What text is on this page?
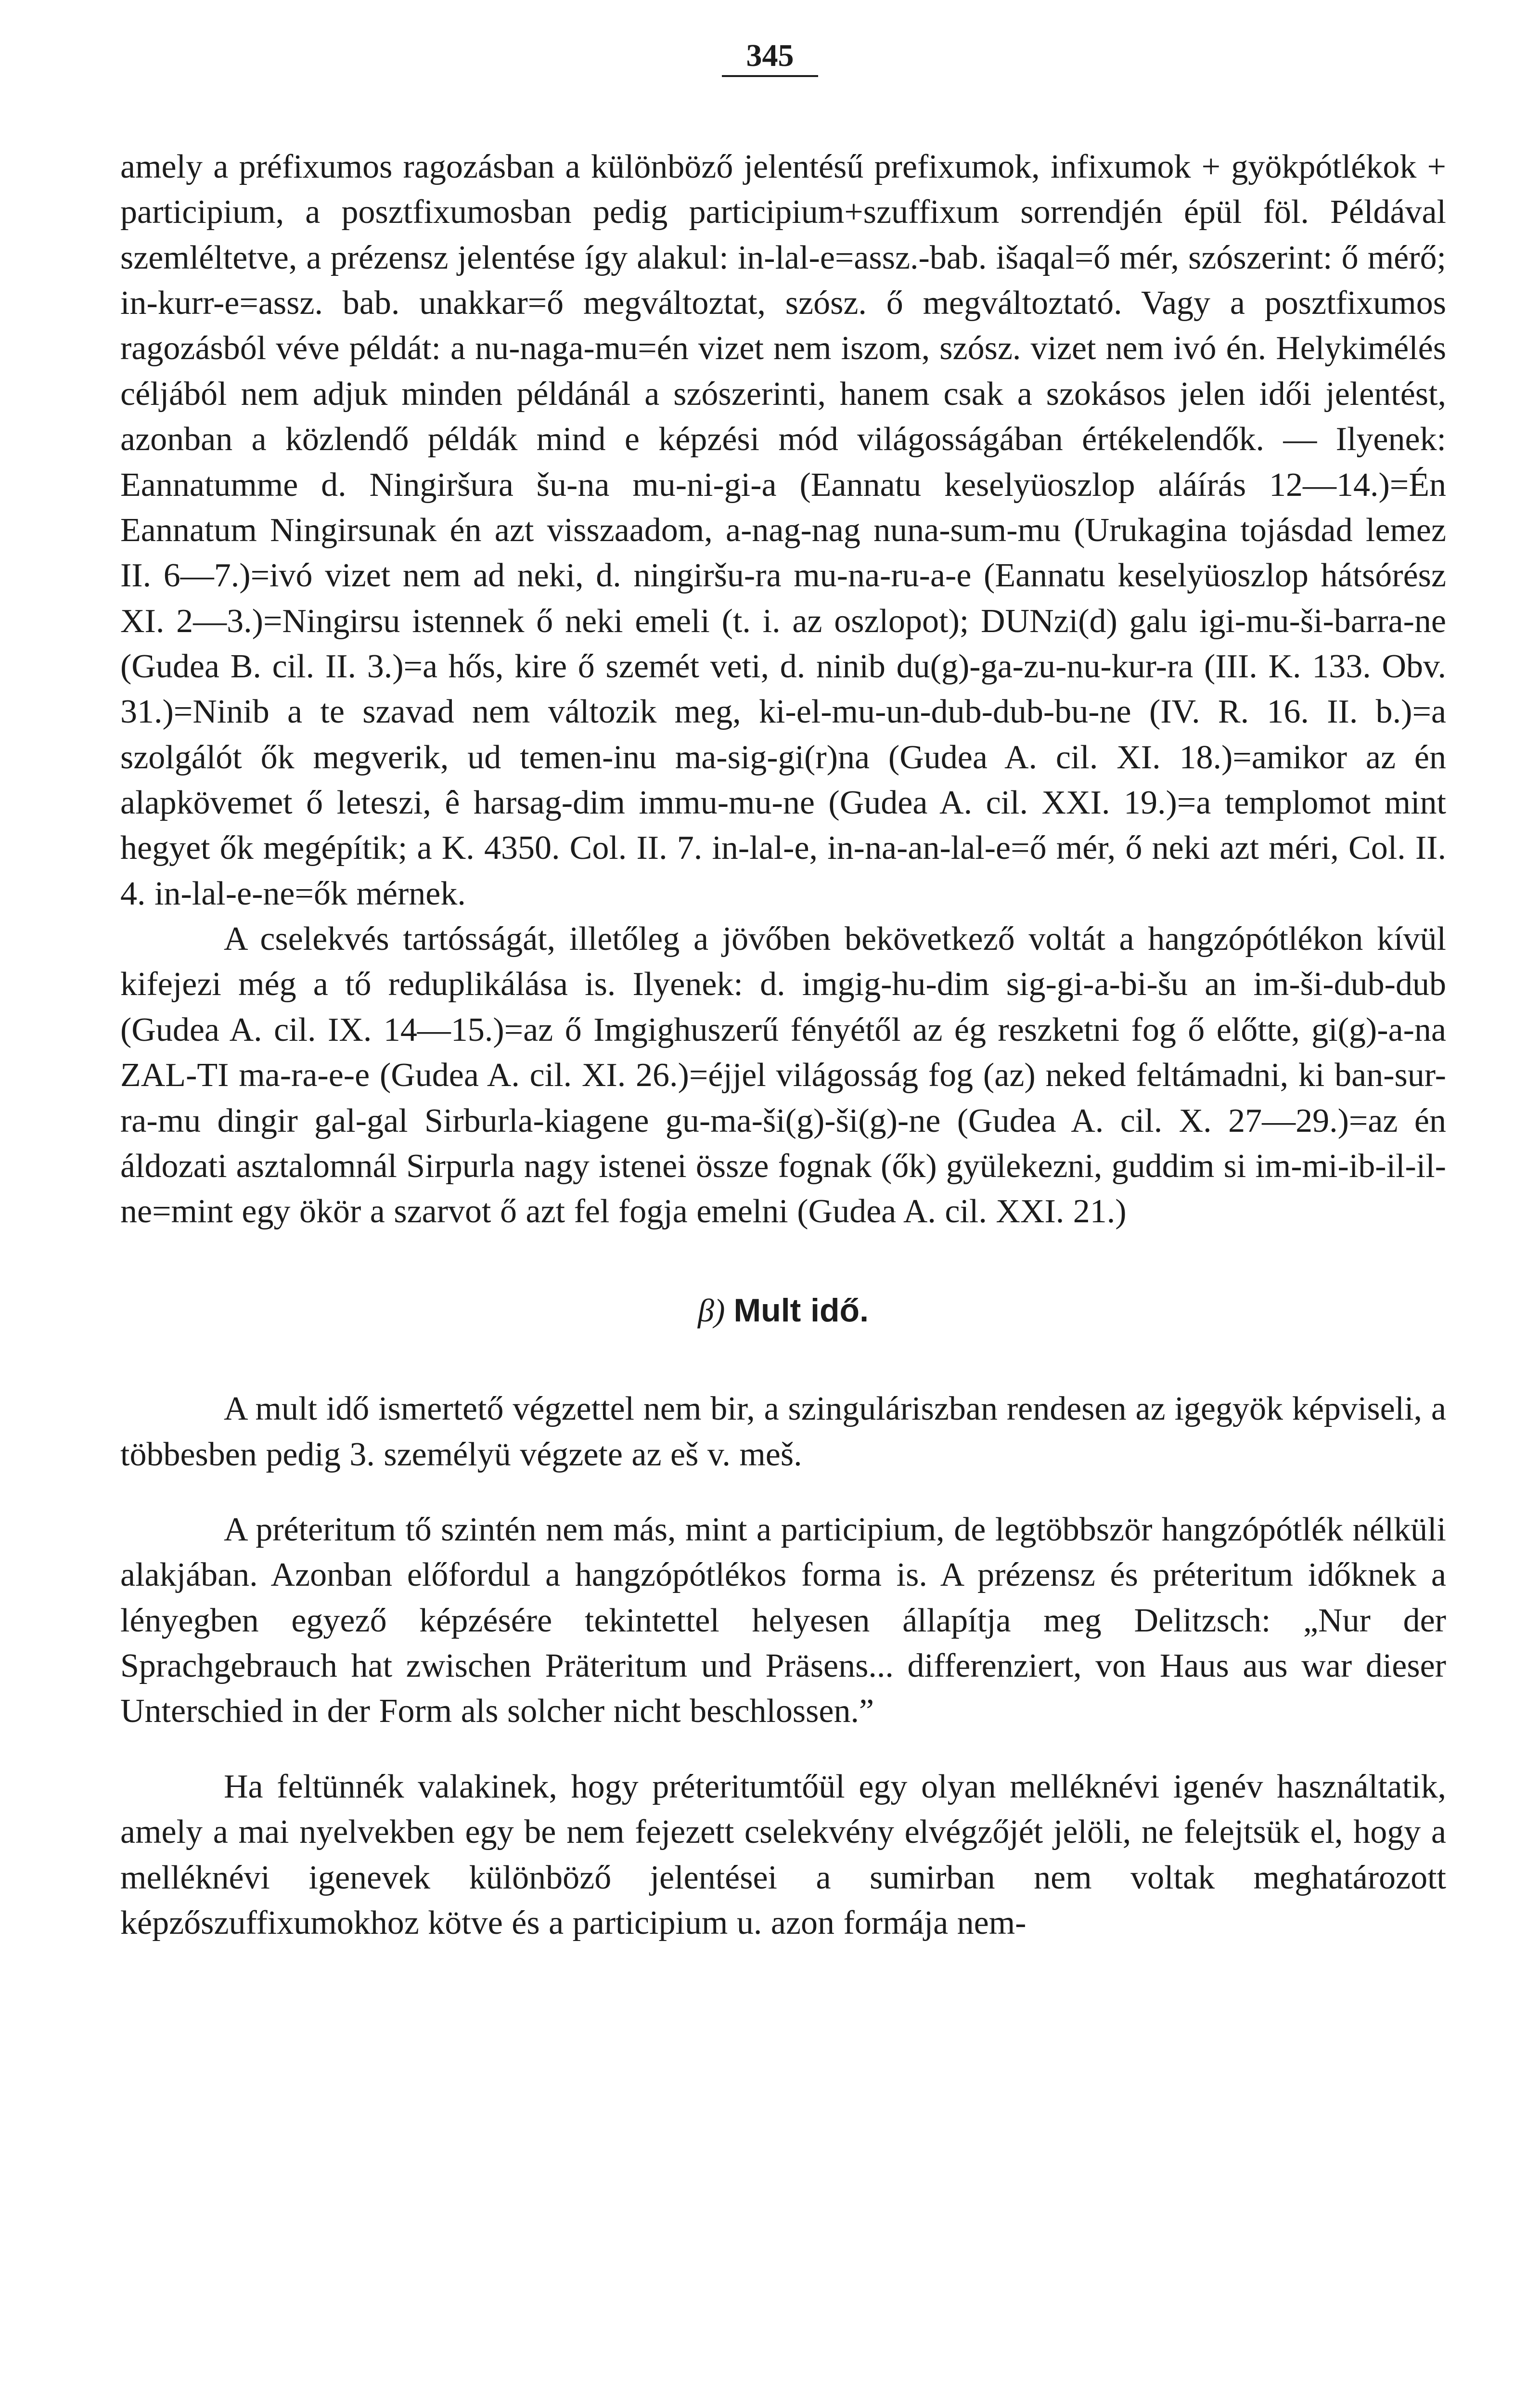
345

amely a préfixumos ragozásban a különböző jelentésű prefixumok, infixumok + gyökpótlékok + participium, a posztfixumosban pedig participium+szuffixum sorrendjén épül föl. Példával szemléltetve, a prézensz jelentése így alakul: in-lal-e=assz.-bab. išaqal=ő mér, szószerint: ő mérő; in-kurr-e=assz. bab. unakkar=ő megváltoztat, szósz. ő megváltoztató. Vagy a posztfixumos ragozásból véve példát: a nu-naga-mu=én vizet nem iszom, szósz. vizet nem ivó én. Helykimélés céljából nem adjuk minden példánál a szószerinti, hanem csak a szokásos jelen idői jelentést, azonban a közlendő példák mind e képzési mód világosságában értékelendők. — Ilyenek: Eannatumme d. Ningiršura šu-na mu-ni-gi-a (Eannatu keselyüoszlop aláírás 12—14.)=Én Eannatum Ningirsunak én azt visszaadom, a-nag-nag nuna-sum-mu (Urukagina tojásdad lemez II. 6—7.)=ivó vizet nem ad neki, d. ningiršu-ra mu-na-ru-a-e (Eannatu keselyüoszlop hátsórész XI. 2—3.)=Ningirsu istennek ő neki emeli (t. i. az oszlopot); DUNzi(d) galu igi-mu-ši-barra-ne (Gudea B. cil. II. 3.)=a hős, kire ő szemét veti, d. ninib du(g)-ga-zu-nu-kur-ra (III. K. 133. Obv. 31.)=Ninib a te szavad nem változik meg, ki-el-mu-un-dub-dub-bu-ne (IV. R. 16. II. b.)=a szolgálót ők megverik, ud temen-inu ma-sig-gi(r)na (Gudea A. cil. XI. 18.)=amikor az én alapkövemet ő leteszi, ê harsag-dim immu-mu-ne (Gudea A. cil. XXI. 19.)=a templomot mint hegyet ők megépítik; a K. 4350. Col. II. 7. in-lal-e, in-na-an-lal-e=ő mér, ő neki azt méri, Col. II. 4. in-lal-e-ne=ők mérnek.

A cselekvés tartósságát, illetőleg a jövőben bekövetkező voltát a hangzópótlékon kívül kifejezi még a tő reduplikálása is. Ilyenek: d. imgig-hu-dim sig-gi-a-bi-šu an im-ši-dub-dub (Gudea A. cil. IX. 14—15.)=az ő Imgighuszerű fényétől az ég reszketni fog ő előtte, gi(g)-a-na ZAL-TI ma-ra-e-e (Gudea A. cil. XI. 26.)=éjjel világosság fog (az) neked feltámadni, ki ban-sur-ra-mu dingir gal-gal Sirburla-kiagene gu-ma-ši(g)-ši(g)-ne (Gudea A. cil. X. 27—29.)=az én áldozati asztalomnál Sirpurla nagy istenei össze fognak (ők) gyülekezni, guddim si im-mi-ib-il-il-ne=mint egy ökör a szarvot ő azt fel fogja emelni (Gudea A. cil. XXI. 21.)

β) Mult idő.

A mult idő ismertető végzettel nem bir, a szinguláriszban rendesen az igegyök képviseli, a többesben pedig 3. személyü végzete az eš v. meš.

A préteritum tő szintén nem más, mint a participium, de legtöbbször hangzópótlék nélküli alakjában. Azonban előfordul a hangzópótlékos forma is. A prézensz és préteritum időknek a lényegben egyező képzésére tekintettel helyesen állapítja meg Delitzsch: „Nur der Sprachgebrauch hat zwischen Präteritum und Präsens... differenziert, von Haus aus war dieser Unterschied in der Form als solcher nicht beschlossen.”

Ha feltünnék valakinek, hogy préteritumtőül egy olyan melléknévi igenév használtatik, amely a mai nyelvekben egy be nem fejezett cselekvény elvégzőjét jelöli, ne felejtsük el, hogy a melléknévi igenevek különböző jelentései a sumirban nem voltak meghatározott képzőszuffixumokhoz kötve és a participium u. azon formája nem-
